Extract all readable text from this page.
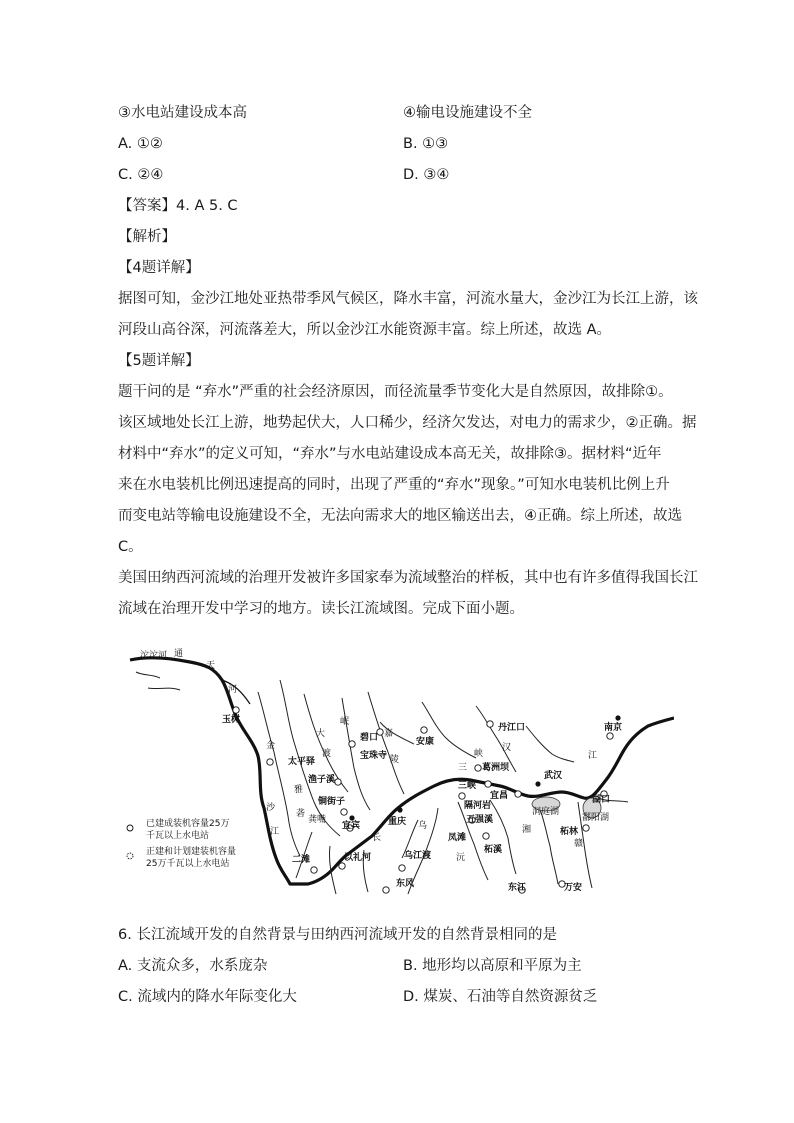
③水电站建设成本高	④输电设施建设不全
A. ①②	B. ①③
C. ②④	D. ③④
【答案】4. A 5. C
【解析】
【4题详解】
据图可知，金沙江地处亚热带季风气候区，降水丰富，河流水量大，金沙江为长江上游，该
河段山高谷深，河流落差大，所以金沙江水能资源丰富。综上所述，故选 A。
【5题详解】
题干问的是 “弃水”严重的社会经济原因，而径流量季节变化大是自然原因，故排除①。
该区域地处长江上游，地势起伏大，人口稀少，经济欠发达，对电力的需求少，②正确。据
材料中“弃水”的定义可知，“弃水”与水电站建设成本高无关，故排除③。据材料“近年
来在水电装机比例迅速提高的同时，出现了严重的“弃水”现象。”可知水电装机比例上升
而变电站等输电设施建设不全，无法向需求大的地区输送出去，④正确。综上所述，故选
C。
美国田纳西河流域的治理开发被许多国家奉为流域整治的样板，其中也有许多值得我国长江
流域在治理开发中学习的地方。读长江流域图。完成下面小题。
已建成装机容量25万
千瓦以上水电站
正建和计划建装机容量
25万千瓦以上水电站
玉树
南京
武汉
重庆
宜昌
宜宾
安康
丹江口
葛洲坝
三峡
隔河岩
碧口
宝珠寺
太平驿
渔子溪
铜街子
龚嘴
二滩	以礼河	乌江渡
东风
凤滩
五强溪
柘溪
东江	万安
湖口
柘林
鄱阳湖
洞庭湖
沱沱河 通
天
河
金
沙
江
雅
砻
大
渡
岷
嘉
陵
汉
乌
沅
湘
赣
长
三
峡	江
6. 长江流域开发的自然背景与田纳西河流域开发的自然背景相同的是
A. 支流众多，水系庞杂	B. 地形均以高原和平原为主
C. 流域内的降水年际变化大	D. 煤炭、石油等自然资源贫乏
